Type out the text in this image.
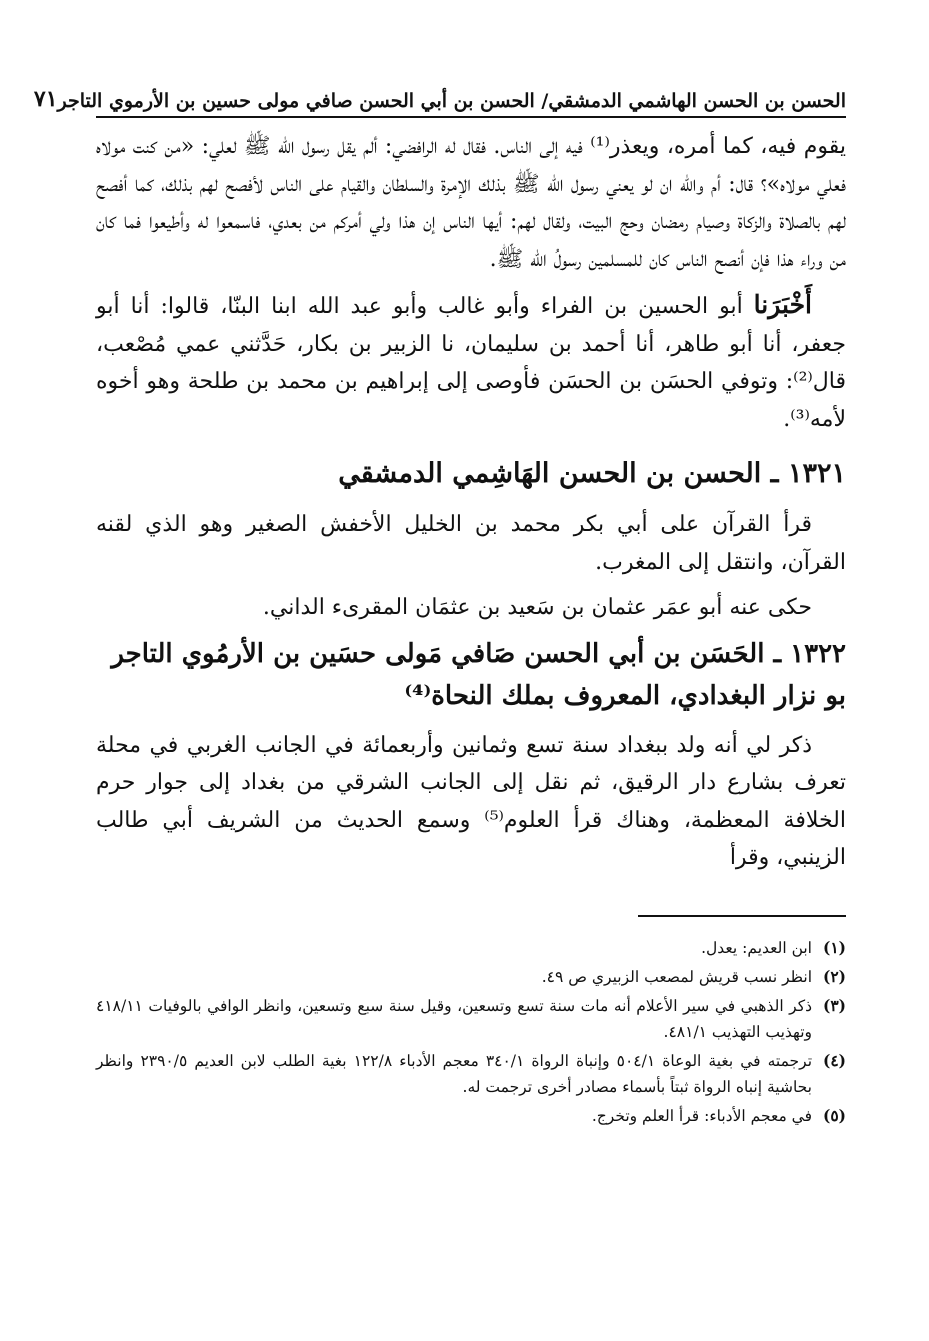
الحسن بن الحسن الهاشمي الدمشقي/ الحسن بن أبي الحسن صافي مولى حسين بن الأرموي التاجر
٧١

يقوم فيه، كما أمره، ويعذر⁽¹⁾ فيه إلى الناس. فقال له الرافضي: ألم يقل رسول الله ﷺ لعلي: «من كنت مولاه فعلي مولاه»؟ قال: أم والله ان لو يعني رسول الله ﷺ بذلك الإمرة والسلطان والقيام على الناس لأفصح لهم بذلك، كما أفصح لهم بالصلاة والزكاة وصيام رمضان وحج البيت، ولقال لهم: أيها الناس إن هذا ولي أمركم من بعدي، فاسمعوا له وأطيعوا فما كان من وراء هذا فإن أنصح الناس كان للمسلمين رسولُ الله ﷺ.

أَخْبَرَنا أبو الحسين بن الفراء وأبو غالب وأبو عبد الله ابنا البنّا، قالوا: أنا أبو جعفر، أنا أبو طاهر، أنا أحمد بن سليمان، نا الزبير بن بكار، حَدَّثني عمي مُصْعب، قال⁽²⁾: وتوفي الحسَن بن الحسَن فأوصى إلى إبراهيم بن محمد بن طلحة وهو أخوه لأمه⁽³⁾.

١٣٢١ ـ الحسن بن الحسن الهَاشِمي الدمشقي

قرأ القرآن على أبي بكر محمد بن الخليل الأخفش الصغير وهو الذي لقنه القرآن، وانتقل إلى المغرب.

حكى عنه أبو عمَر عثمان بن سَعيد بن عثمَان المقرىء الداني.

١٣٢٢ ـ الحَسَن بن أبي الحسن صَافي مَولى حسَين بن الأرمُوي التاجر
بو نزار البغدادي، المعروف بملك النحاة⁽⁴⁾

ذكر لي أنه ولد ببغداد سنة تسع وثمانين وأربعمائة في الجانب الغربي في محلة تعرف بشارع دار الرقيق، ثم نقل إلى الجانب الشرقي من بغداد إلى جوار حرم الخلافة المعظمة، وهناك قرأ العلوم⁽⁵⁾ وسمع الحديث من الشريف أبي طالب الزينبي، وقرأ

(١)
ابن العديم: يعدل.
(٢)
انظر نسب قريش لمصعب الزبيري ص ٤٩.
(٣)
ذكر الذهبي في سير الأعلام أنه مات سنة تسع وتسعين، وقيل سنة سبع وتسعين، وانظر الوافي بالوفيات ٤١٨/١١ وتهذيب التهذيب ٤٨١/١.
(٤)
ترجمته في بغية الوعاة ٥٠٤/١ وإنباة الرواة ٣٤٠/١ معجم الأدباء ١٢٢/٨ بغية الطلب لابن العديم ٢٣٩٠/٥ وانظر بحاشية إنباه الرواة ثبتاً بأسماء مصادر أخرى ترجمت له.
(٥)
في معجم الأدباء: قرأ العلم وتخرج.
